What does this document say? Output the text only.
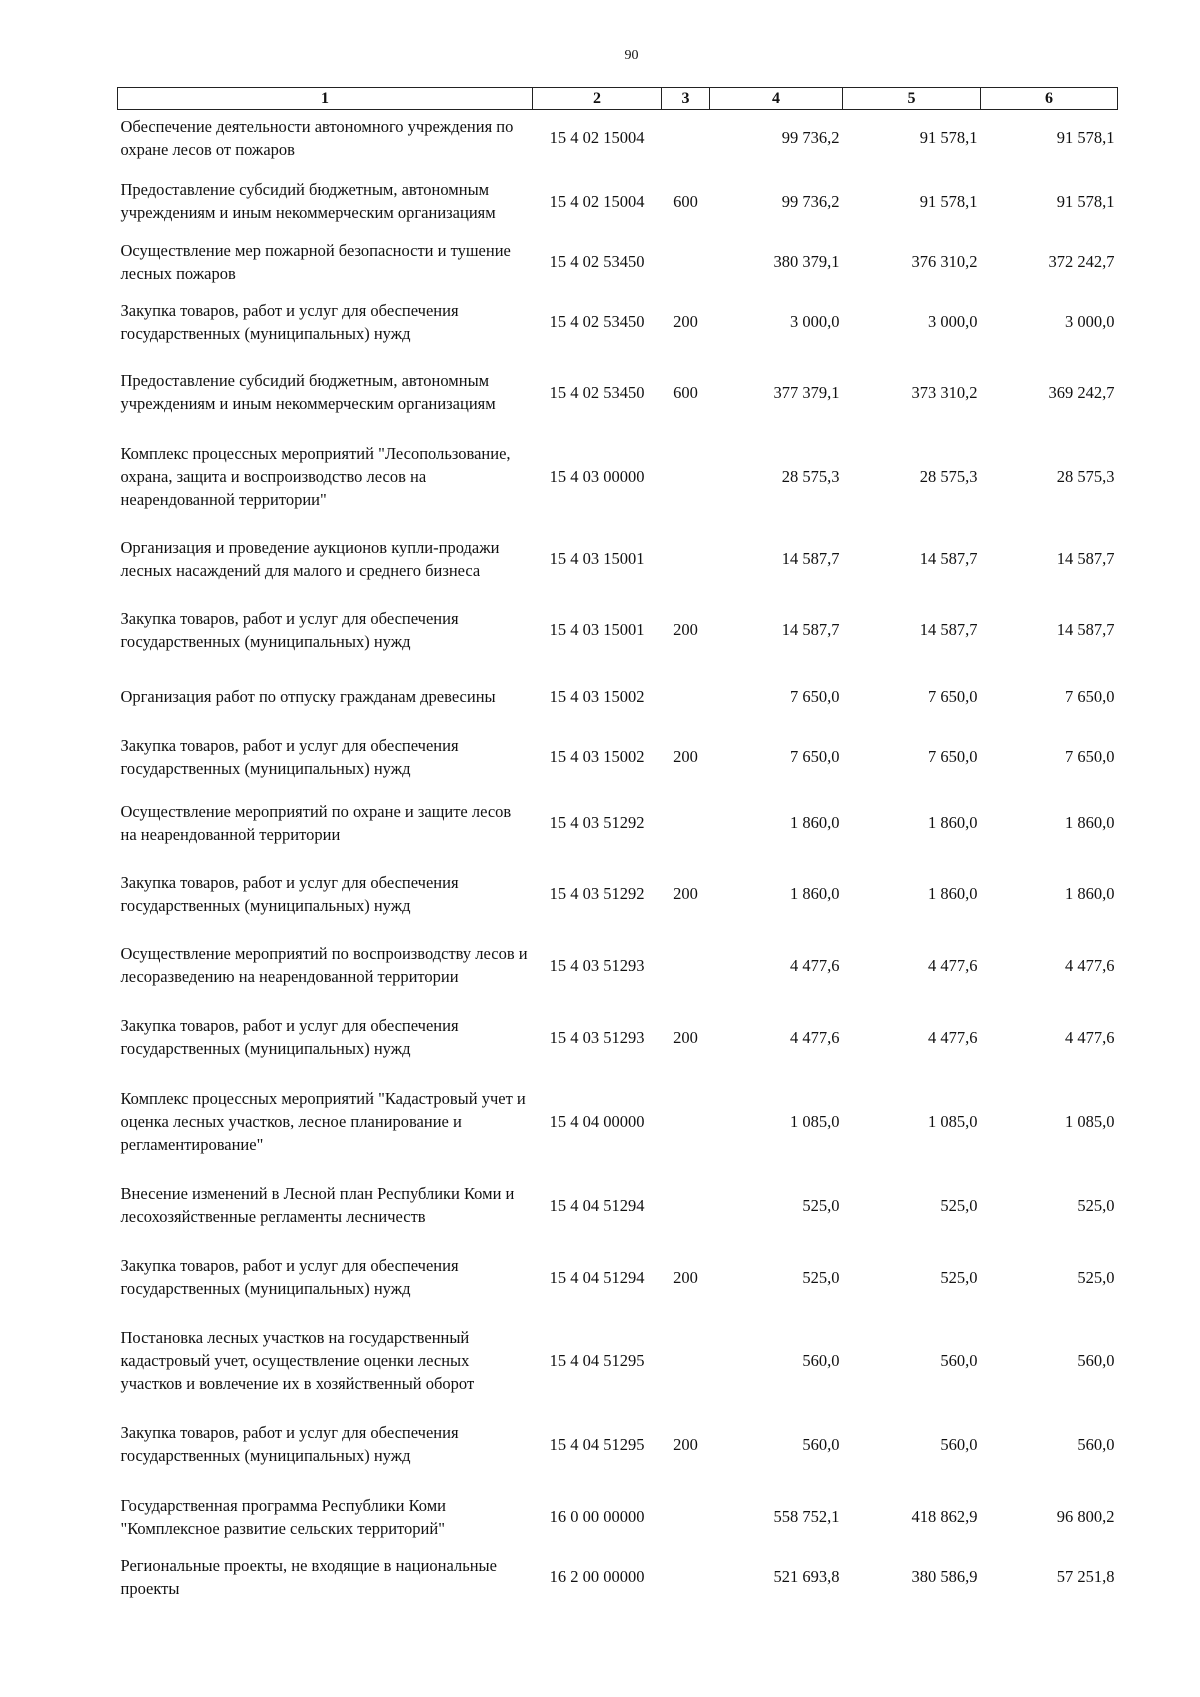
90
1	2	3	4	5	6
Обеспечение деятельности автономного учреждения по охране лесов от пожаров	15 4 02 15004		99 736,2	91 578,1	91 578,1
Предоставление субсидий бюджетным, автономным учреждениям и иным некоммерческим организациям	15 4 02 15004	600	99 736,2	91 578,1	91 578,1
Осуществление мер пожарной безопасности и тушение лесных пожаров	15 4 02 53450		380 379,1	376 310,2	372 242,7
Закупка товаров, работ и услуг для обеспечения государственных (муниципальных) нужд	15 4 02 53450	200	3 000,0	3 000,0	3 000,0
Предоставление субсидий бюджетным, автономным учреждениям и иным некоммерческим организациям	15 4 02 53450	600	377 379,1	373 310,2	369 242,7
Комплекс процессных мероприятий "Лесопользование, охрана, защита и воспроизводство лесов на неарендованной территории"	15 4 03 00000		28 575,3	28 575,3	28 575,3
Организация и проведение аукционов купли-продажи лесных насаждений для малого и среднего бизнеса	15 4 03 15001		14 587,7	14 587,7	14 587,7
Закупка товаров, работ и услуг для обеспечения государственных (муниципальных) нужд	15 4 03 15001	200	14 587,7	14 587,7	14 587,7
Организация работ по отпуску гражданам древесины	15 4 03 15002		7 650,0	7 650,0	7 650,0
Закупка товаров, работ и услуг для обеспечения государственных (муниципальных) нужд	15 4 03 15002	200	7 650,0	7 650,0	7 650,0
Осуществление мероприятий по охране и защите лесов на неарендованной территории	15 4 03 51292		1 860,0	1 860,0	1 860,0
Закупка товаров, работ и услуг для обеспечения государственных (муниципальных) нужд	15 4 03 51292	200	1 860,0	1 860,0	1 860,0
Осуществление мероприятий по воспроизводству лесов и лесоразведению на неарендованной территории	15 4 03 51293		4 477,6	4 477,6	4 477,6
Закупка товаров, работ и услуг для обеспечения государственных (муниципальных) нужд	15 4 03 51293	200	4 477,6	4 477,6	4 477,6
Комплекс процессных мероприятий "Кадастровый учет и оценка лесных участков, лесное планирование и регламентирование"	15 4 04 00000		1 085,0	1 085,0	1 085,0
Внесение изменений в Лесной план Республики Коми и лесохозяйственные регламенты лесничеств	15 4 04 51294		525,0	525,0	525,0
Закупка товаров, работ и услуг для обеспечения государственных (муниципальных) нужд	15 4 04 51294	200	525,0	525,0	525,0
Постановка лесных участков на государственный кадастровый учет, осуществление оценки лесных участков и вовлечение их в хозяйственный оборот	15 4 04 51295		560,0	560,0	560,0
Закупка товаров, работ и услуг для обеспечения государственных (муниципальных) нужд	15 4 04 51295	200	560,0	560,0	560,0
Государственная программа Республики Коми "Комплексное развитие сельских территорий"	16 0 00 00000		558 752,1	418 862,9	96 800,2
Региональные проекты, не входящие в национальные проекты	16 2 00 00000		521 693,8	380 586,9	57 251,8
